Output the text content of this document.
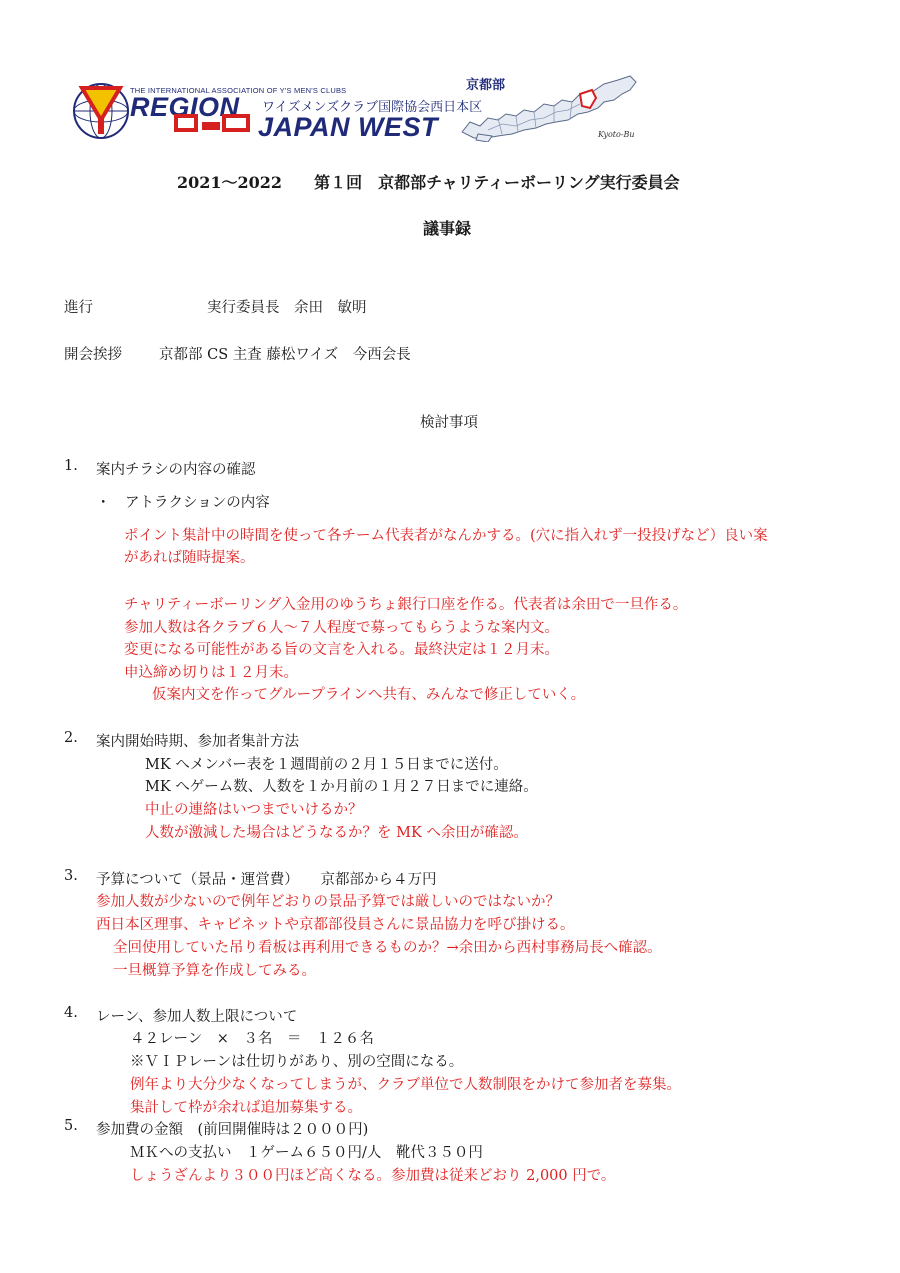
THE INTERNATIONAL ASSOCIATION OF Y'S MEN'S CLUBS
REGION ワイズメンズクラブ国際協会西日本区
JAPAN WEST
京都部
Kyoto-Bu
2021～2022　　第１回　京都部チャリティーボーリング実行委員会
議事録
進行	実行委員長　余田　敏明
開会挨拶	京都部 CS 主査 藤松ワイズ　今西会長
検討事項
1. 案内チラシの内容の確認
・　アトラクションの内容
ポイント集計中の時間を使って各チーム代表者がなんかする。(穴に指入れず一投投げなど）良い案
があれば随時提案。
チャリティーボーリング入金用のゆうちょ銀行口座を作る。代表者は余田で一旦作る。
参加人数は各クラブ６人～７人程度で募ってもらうような案内文。
変更になる可能性がある旨の文言を入れる。最終決定は１２月末。
申込締め切りは１２月末。
仮案内文を作ってグループラインへ共有、みんなで修正していく。
2. 案内開始時期、参加者集計方法
MK へメンバー表を１週間前の２月１５日までに送付。
MK へゲーム数、人数を１か月前の１月２７日までに連絡。
中止の連絡はいつまでいけるか？
人数が激減した場合はどうなるか？を MK へ余田が確認。
3. 予算について（景品・運営費）　　京都部から４万円
参加人数が少ないので例年どおりの景品予算では厳しいのではないか？
西日本区理事、キャビネットや京都部役員さんに景品協力を呼び掛ける。
全回使用していた吊り看板は再利用できるものか？→余田から西村事務局長へ確認。
一旦概算予算を作成してみる。
4. レーン、参加人数上限について
４２レーン　×　３名　＝　１２６名
※ＶＩＰレーンは仕切りがあり、別の空間になる。
例年より大分少なくなってしまうが、クラブ単位で人数制限をかけて参加者を募集。
集計して枠が余れば追加募集する。
5. 参加費の金額　(前回開催時は２０００円)
ＭＫへの支払い　１ゲーム６５０円/人　靴代３５０円
しょうざんより３００円ほど高くなる。参加費は従来どおり 2,000 円で。
